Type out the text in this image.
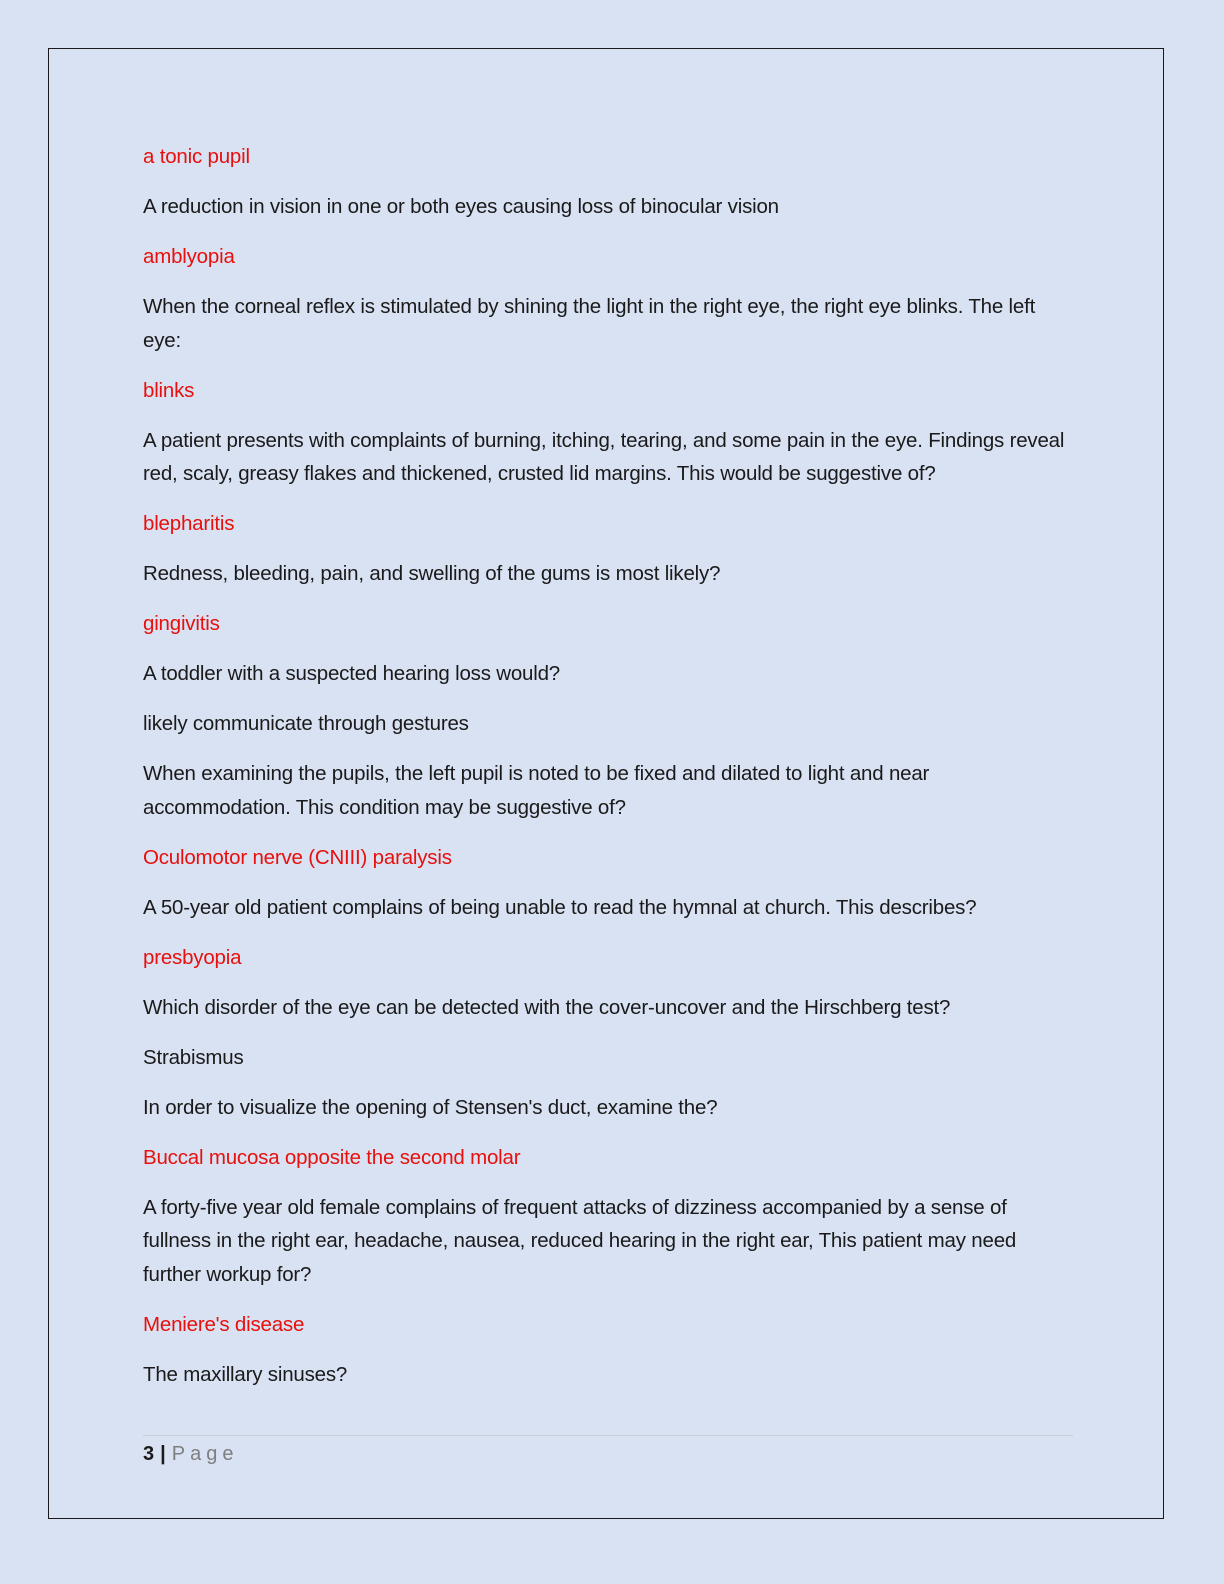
a tonic pupil

A reduction in vision in one or both eyes causing loss of binocular vision

amblyopia

When the corneal reflex is stimulated by shining the light in the right eye, the right eye blinks. The left eye:

blinks

A patient presents with complaints of burning, itching, tearing, and some pain in the eye. Findings reveal red, scaly, greasy flakes and thickened, crusted lid margins. This would be suggestive of?

blepharitis

Redness, bleeding, pain, and swelling of the gums is most likely?

gingivitis

A toddler with a suspected hearing loss would?

likely communicate through gestures

When examining the pupils, the left pupil is noted to be fixed and dilated to light and near accommodation. This condition may be suggestive of?

Oculomotor nerve (CNIII) paralysis

A 50-year old patient complains of being unable to read the hymnal at church. This describes?

presbyopia

Which disorder of the eye can be detected with the cover-uncover and the Hirschberg test?

Strabismus

In order to visualize the opening of Stensen's duct, examine the?

Buccal mucosa opposite the second molar

A forty-five year old female complains of frequent attacks of dizziness accompanied by a sense of fullness in the right ear, headache, nausea, reduced hearing in the right ear, This patient may need further workup for?

Meniere's disease

The maxillary sinuses?

3 | Page
